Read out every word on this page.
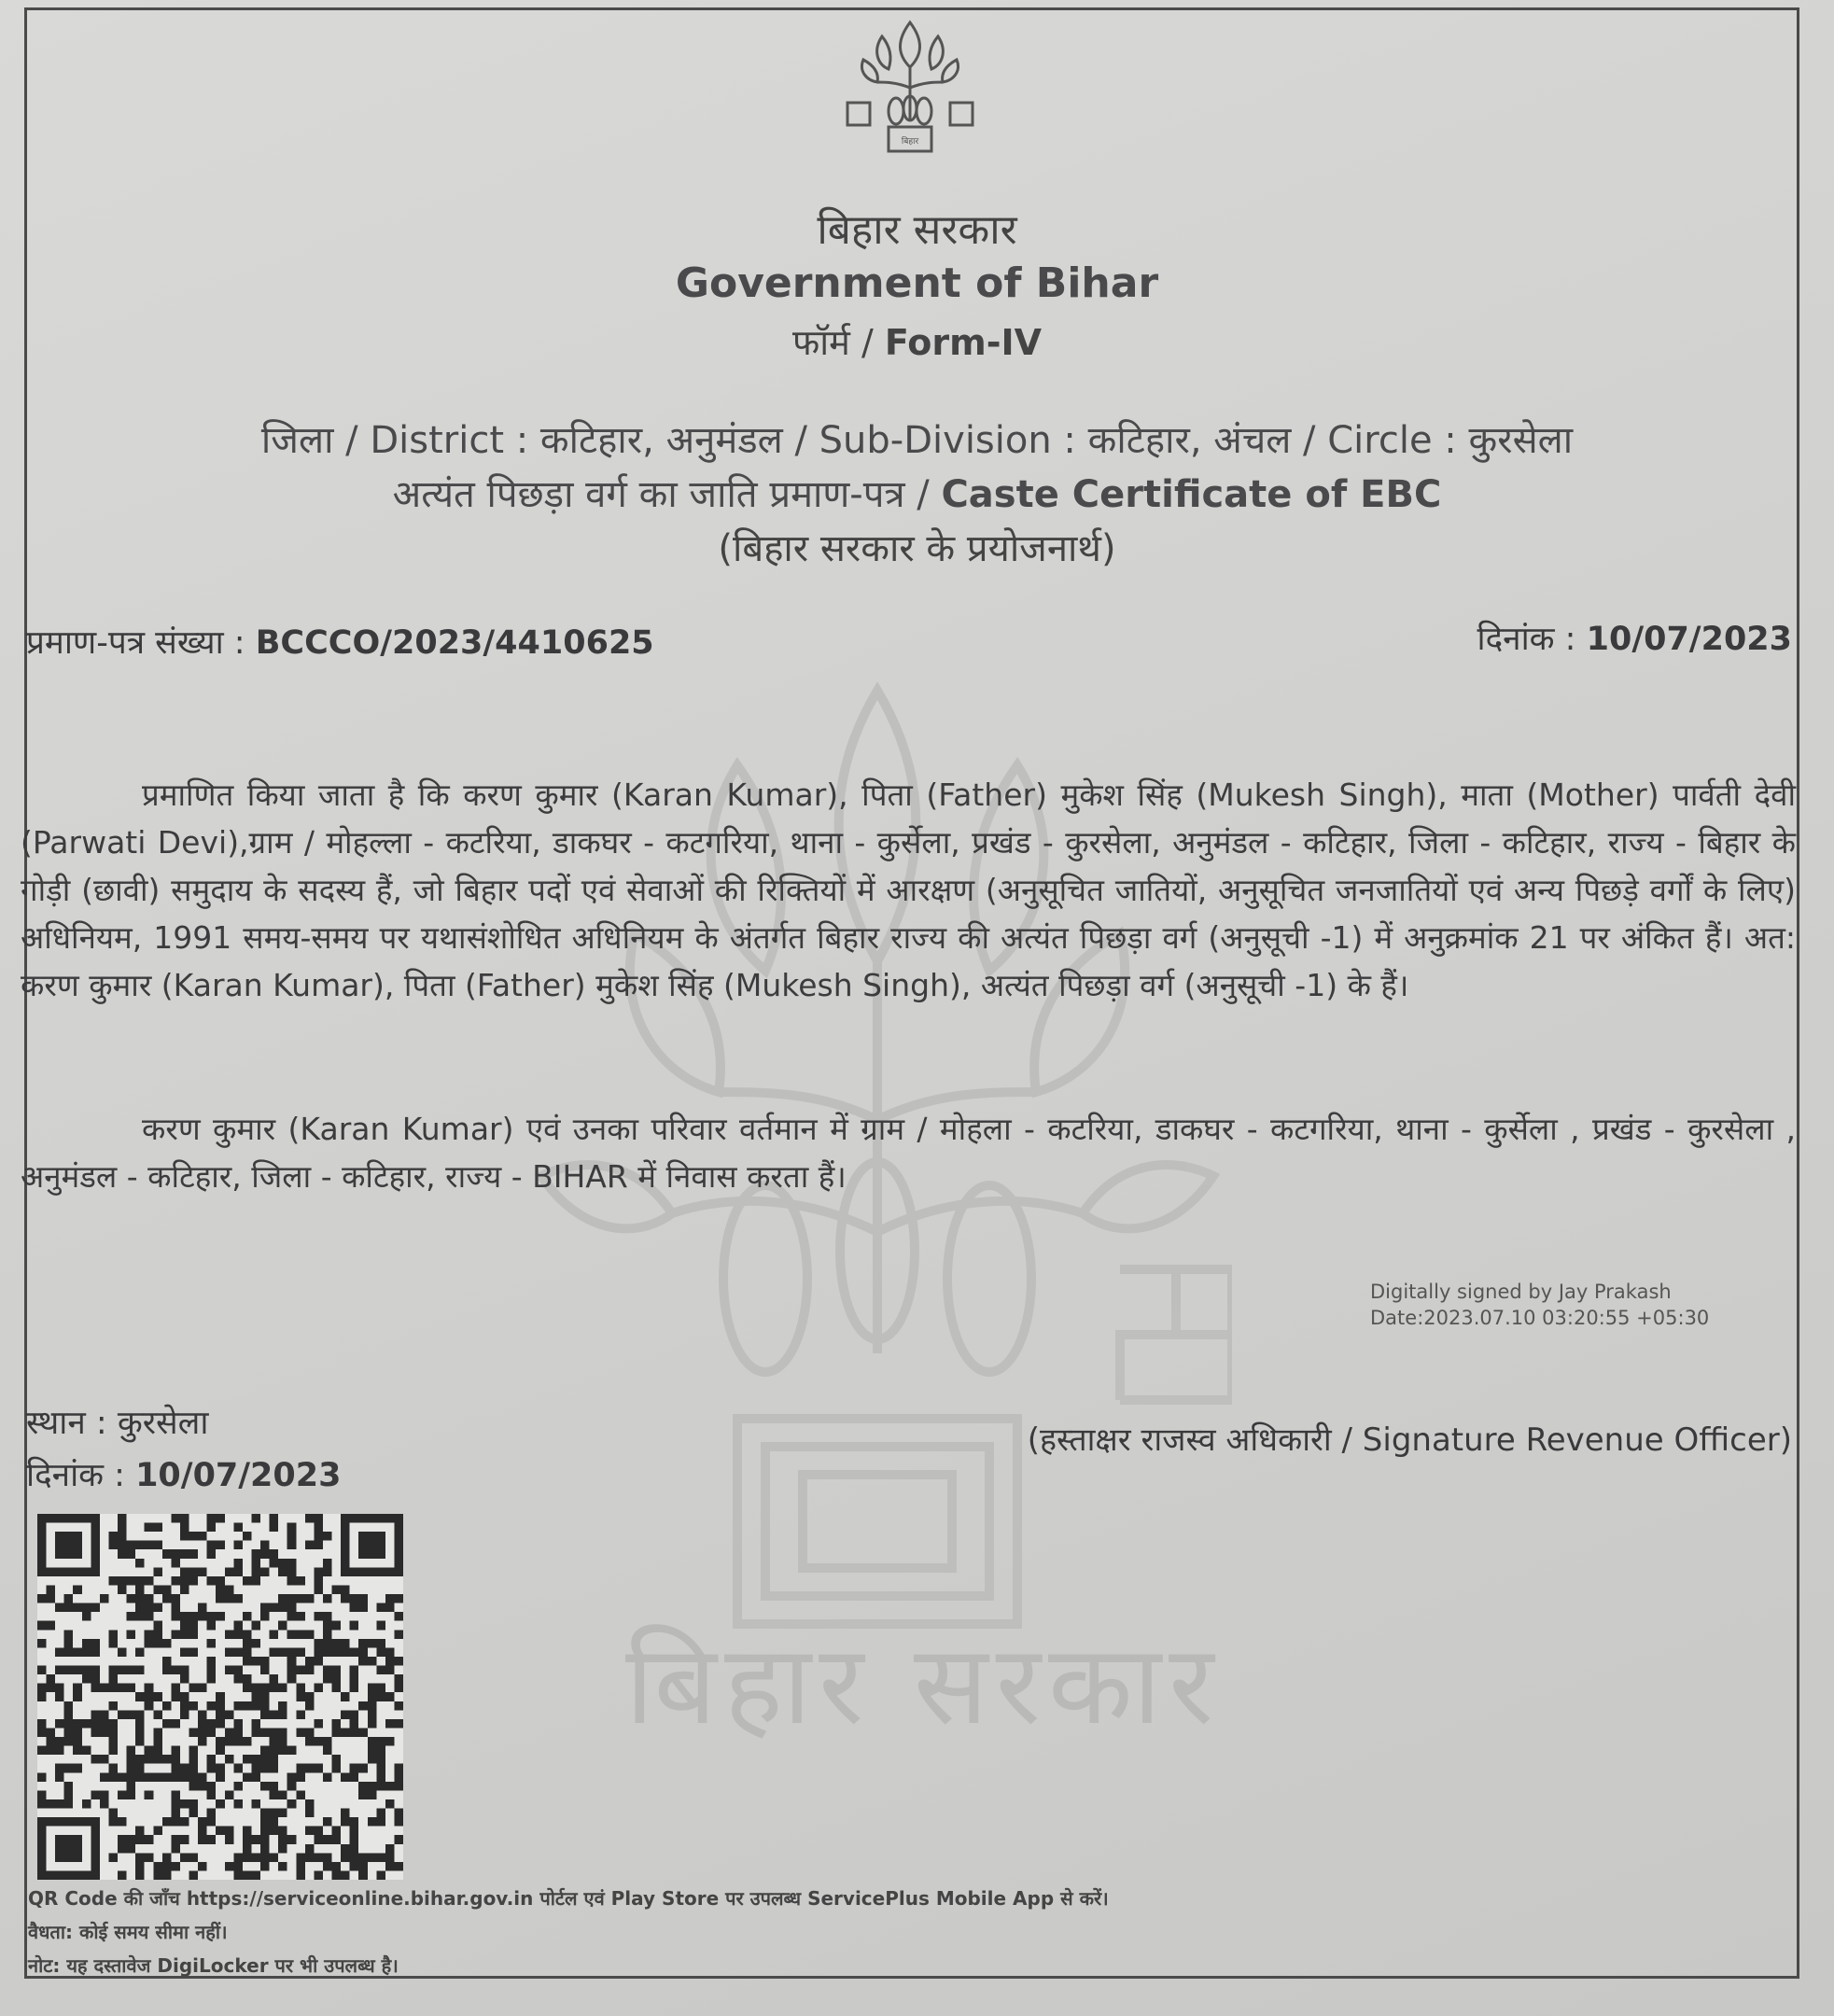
बिहार सरकार
बिहार
बिहार सरकार
Government of Bihar
फॉर्म / Form-IV
जिला / District : कटिहार, अनुमंडल / Sub-Division : कटिहार, अंचल / Circle : कुरसेला
अत्यंत पिछड़ा वर्ग का जाति प्रमाण-पत्र / Caste Certificate of EBC
(बिहार सरकार के प्रयोजनार्थ)
प्रमाण-पत्र संख्या : BCCCO/2023/4410625	दिनांक : 10/07/2023
प्रमाणित किया जाता है कि करण कुमार (Karan Kumar), पिता (Father) मुकेश सिंह (Mukesh Singh), माता (Mother) पार्वती देवी (Parwati Devi),ग्राम / मोहल्ला - कटरिया, डाकघर - कटगरिया, थाना - कुर्सेला, प्रखंड - कुरसेला, अनुमंडल - कटिहार, जिला - कटिहार, राज्य - बिहार के गोड़ी (छावी) समुदाय के सदस्य हैं, जो बिहार पदों एवं सेवाओं की रिक्तियों में आरक्षण (अनुसूचित जातियों, अनुसूचित जनजातियों एवं अन्य पिछड़े वर्गों के लिए) अधिनियम, 1991 समय-समय पर यथासंशोधित अधिनियम के अंतर्गत बिहार राज्य की अत्यंत पिछड़ा वर्ग (अनुसूची -1) में अनुक्रमांक 21 पर अंकित हैं। अत: करण कुमार (Karan Kumar), पिता (Father) मुकेश सिंह (Mukesh Singh), अत्यंत पिछड़ा वर्ग (अनुसूची -1) के हैं।
करण कुमार (Karan Kumar) एवं उनका परिवार वर्तमान में ग्राम / मोहला - कटरिया, डाकघर - कटगरिया, थाना - कुर्सेला , प्रखंड - कुरसेला , अनुमंडल - कटिहार, जिला - कटिहार, राज्य - BIHAR में निवास करता हैं।
Digitally signed by Jay Prakash
Date:2023.07.10 03:20:55 +05:30
स्थान : कुरसेला
दिनांक : 10/07/2023
(हस्ताक्षर राजस्व अधिकारी / Signature Revenue Officer)
QR Code की जाँच https://serviceonline.bihar.gov.in पोर्टल एवं Play Store पर उपलब्ध ServicePlus Mobile App से करें।
वैधता: कोई समय सीमा नहीं।
नोट: यह दस्तावेज DigiLocker पर भी उपलब्ध है।
